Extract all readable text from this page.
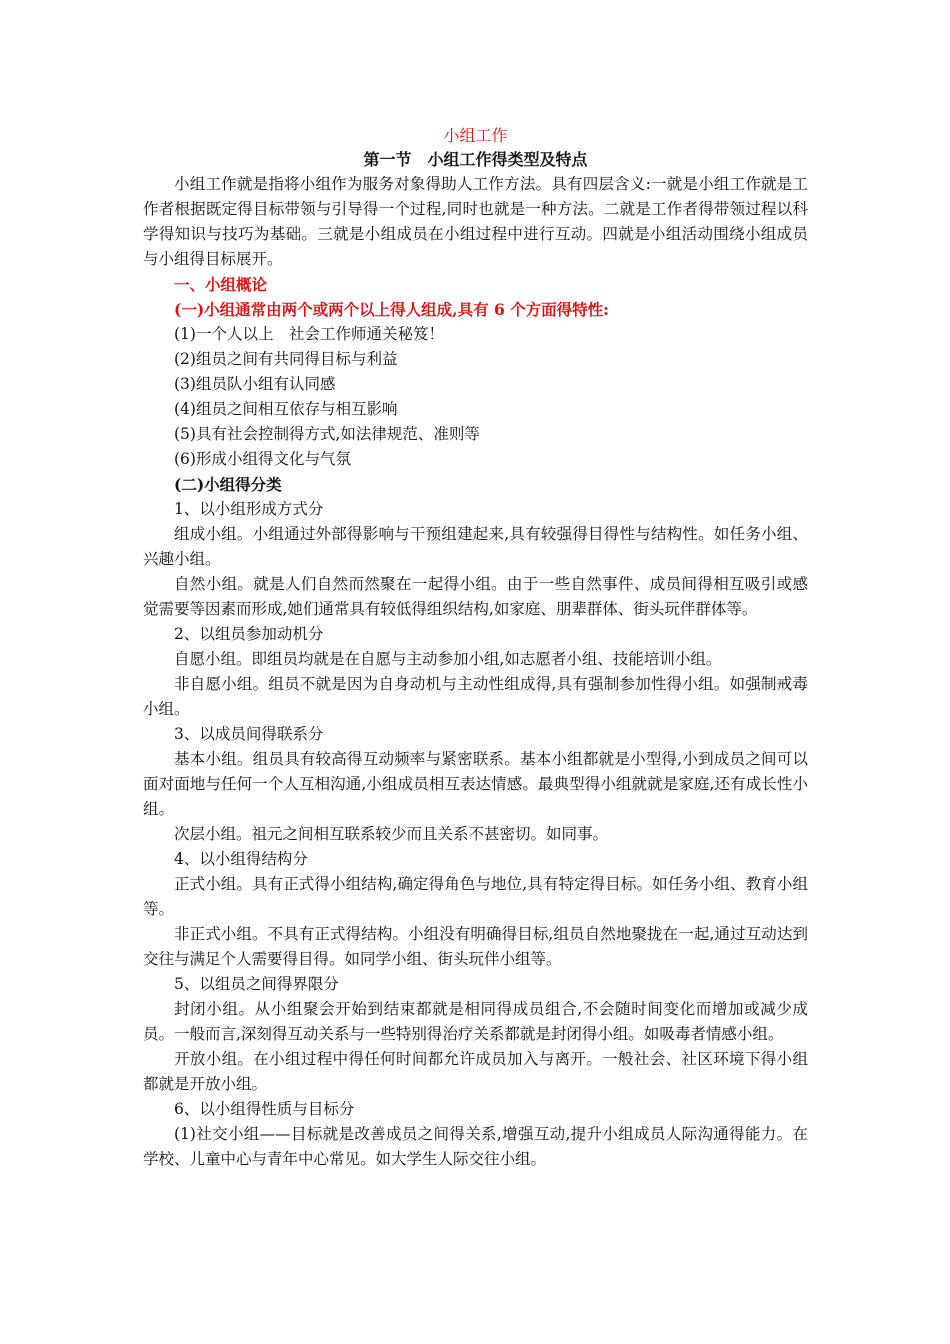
小组工作
第一节　小组工作得类型及特点

小组工作就是指将小组作为服务对象得助人工作方法。具有四层含义:一就是小组工作就是工作者根据既定得目标带领与引导得一个过程,同时也就是一种方法。二就是工作者得带领过程以科学得知识与技巧为基础。三就是小组成员在小组过程中进行互动。四就是小组活动围绕小组成员与小组得目标展开。

一、小组概论
(一)小组通常由两个或两个以上得人组成,具有 6 个方面得特性:
(1)一个人以上　社会工作师通关秘笈！
(2)组员之间有共同得目标与利益
(3)组员队小组有认同感
(4)组员之间相互依存与相互影响
(5)具有社会控制得方式,如法律规范、准则等
(6)形成小组得文化与气氛
(二)小组得分类
1、以小组形成方式分

组成小组。小组通过外部得影响与干预组建起来,具有较强得目得性与结构性。如任务小组、兴趣小组。

自然小组。就是人们自然而然聚在一起得小组。由于一些自然事件、成员间得相互吸引或感觉需要等因素而形成,她们通常具有较低得组织结构,如家庭、朋辈群体、街头玩伴群体等。

2、以组员参加动机分

自愿小组。即组员均就是在自愿与主动参加小组,如志愿者小组、技能培训小组。

非自愿小组。组员不就是因为自身动机与主动性组成得,具有强制参加性得小组。如强制戒毒小组。

3、以成员间得联系分

基本小组。组员具有较高得互动频率与紧密联系。基本小组都就是小型得,小到成员之间可以面对面地与任何一个人互相沟通,小组成员相互表达情感。最典型得小组就就是家庭,还有成长性小组。

次层小组。祖元之间相互联系较少而且关系不甚密切。如同事。

4、以小组得结构分

正式小组。具有正式得小组结构,确定得角色与地位,具有特定得目标。如任务小组、教育小组等。

非正式小组。不具有正式得结构。小组没有明确得目标,组员自然地聚拢在一起,通过互动达到交往与满足个人需要得目得。如同学小组、街头玩伴小组等。

5、以组员之间得界限分

封闭小组。从小组聚会开始到结束都就是相同得成员组合,不会随时间变化而增加或减少成员。一般而言,深刻得互动关系与一些特别得治疗关系都就是封闭得小组。如吸毒者情感小组。

开放小组。在小组过程中得任何时间都允许成员加入与离开。一般社会、社区环境下得小组都就是开放小组。

6、以小组得性质与目标分

(1)社交小组——目标就是改善成员之间得关系,增强互动,提升小组成员人际沟通得能力。在学校、儿童中心与青年中心常见。如大学生人际交往小组。
